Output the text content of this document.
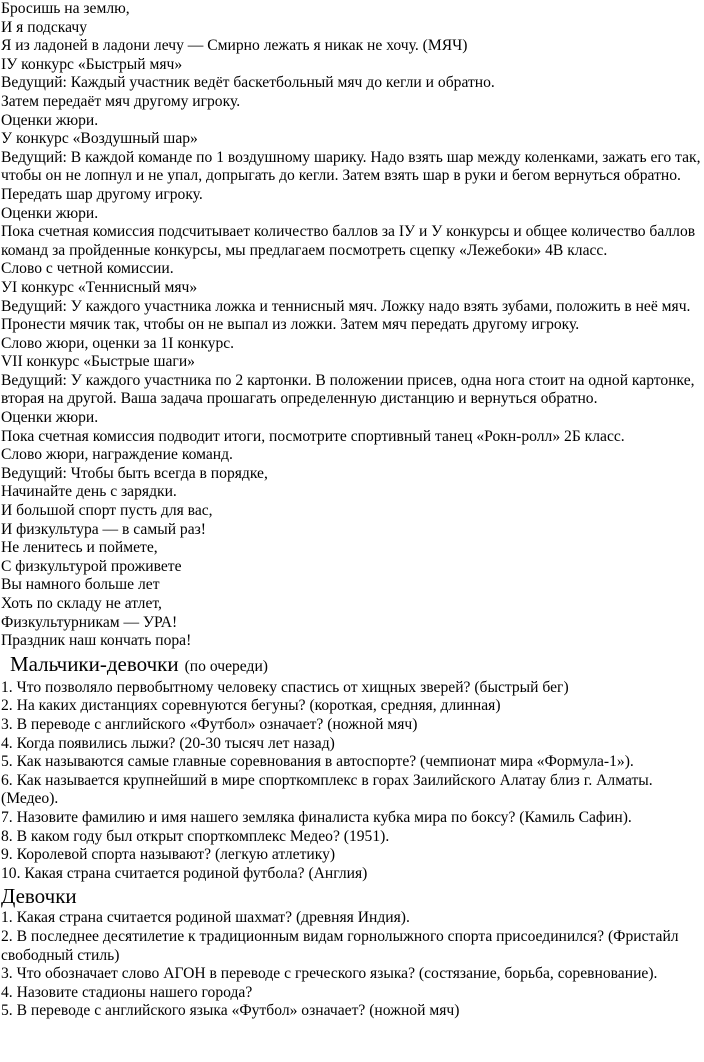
Бросишь на землю,

И я подскачу

Я из ладоней в ладони лечу — Смирно лежать я никак не хочу. (МЯЧ)

IУ конкурс «Быстрый мяч»

Ведущий: Каждый участник ведёт баскетбольный мяч до кегли и обратно.

Затем передаёт мяч другому игроку.

Оценки жюри.

У конкурс «Воздушный шар»

Ведущий: В каждой команде по 1 воздушному шарику. Надо взять шар между коленками, зажать его так, чтобы он не лопнул и не упал, допрыгать до кегли. Затем взять шар в руки и бегом вернуться обратно. Передать шар другому игроку.

Оценки жюри.

Пока счетная комиссия подсчитывает количество баллов за IУ и У конкурсы и общее количество баллов команд за пройденные конкурсы, мы предлагаем посмотреть сцепку «Лежебоки» 4В класс.

Слово с четной комиссии.

УI конкурс «Теннисный мяч»

Ведущий: У каждого участника ложка и теннисный мяч. Ложку надо взять зубами, положить в неё мяч. Пронести мячик так, чтобы он не выпал из ложки. Затем мяч передать другому игроку.

Слово жюри, оценки за 1I конкурс.

VII конкурс «Быстрые шаги»

Ведущий: У каждого участника по 2 картонки. В положении присев, одна нога стоит на одной картонке, вторая на другой. Ваша задача прошагать определенную дистанцию и вернуться обратно.

Оценки жюри.

Пока счетная комиссия подводит итоги, посмотрите спортивный танец «Рокн-ролл» 2Б класс.

Слово жюри, награждение команд.

Ведущий: Чтобы быть всегда в порядке,

Начинайте день с зарядки.

И большой спорт пусть для вас,

И физкультура — в самый раз!

Не ленитесь и поймете,

С физкультурой проживете

Вы намного больше лет

Хоть по складу не атлет,

Физкультурникам — УРА!

Праздник наш кончать пора!

Мальчики-девочки (по очереди)

1. Что позволяло первобытному человеку спастись от хищных зверей? (быстрый бег)

2. На каких дистанциях соревнуются бегуны? (короткая, средняя, длинная)

3. В переводе с английского «Футбол» означает? (ножной мяч)

4. Когда появились лыжи? (20-30 тысяч лет назад)

5. Как называются самые главные соревнования в автоспорте? (чемпионат мира «Формула-1»).

6. Как называется крупнейший в мире спорткомплекс в горах Заилийского Алатау близ г. Алматы. (Медео).

7. Назовите фамилию и имя нашего земляка финалиста кубка мира по боксу? (Камиль Сафин).

8. В каком году был открыт спорткомплекс Медео? (1951).

9. Королевой спорта называют? (легкую атлетику)

10. Какая страна считается родиной футбола? (Англия)

Девочки

1. Какая страна считается родиной шахмат? (древняя Индия).

2. В последнее десятилетие к традиционным видам горнолыжного спорта присоединился? (Фристайл свободный стиль)

3. Что обозначает слово АГОН в переводе с греческого языка? (состязание, борьба, соревнование).

4. Назовите стадионы нашего города?

5. В переводе с английского языка «Футбол» означает? (ножной мяч)
